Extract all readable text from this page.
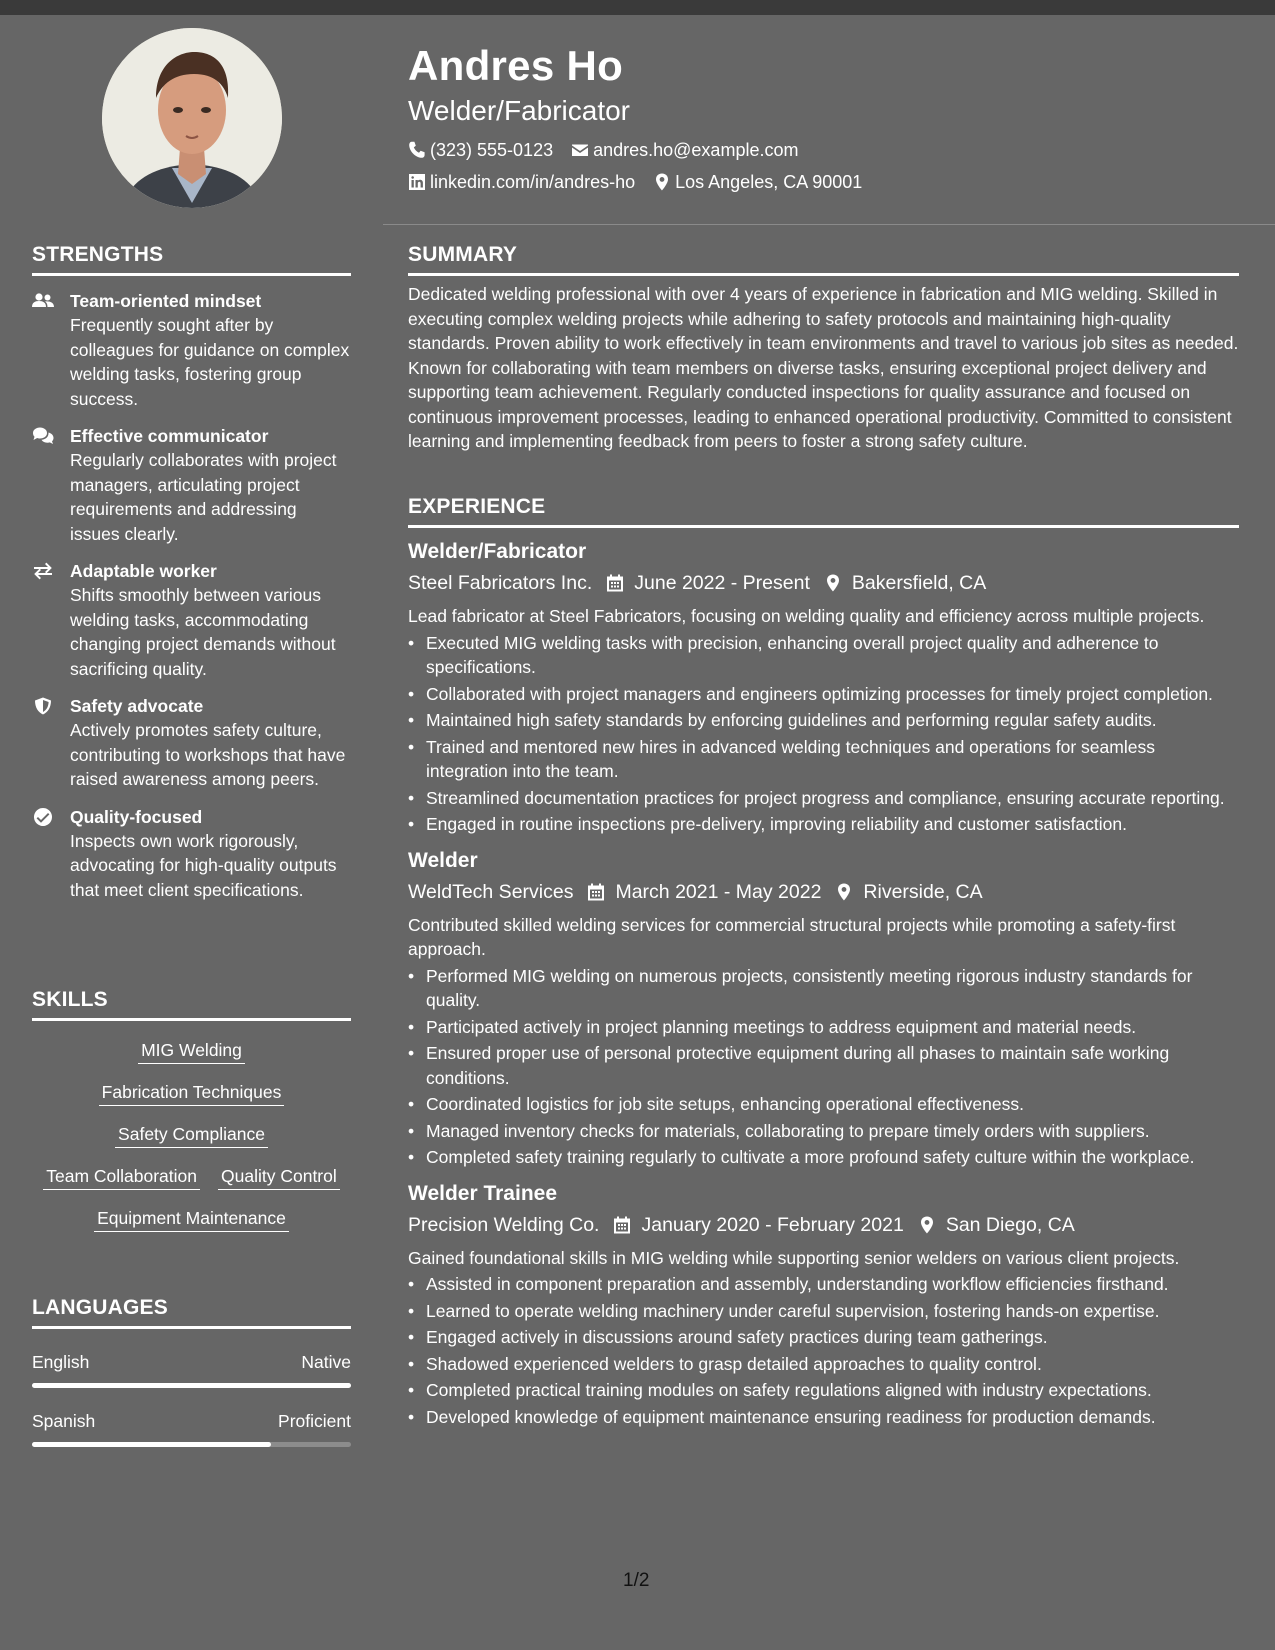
STRENGTHS
Team-oriented mindset
Frequently sought after by colleagues for guidance on complex welding tasks, fostering group success.
Effective communicator
Regularly collaborates with project managers, articulating project requirements and addressing issues clearly.
Adaptable worker
Shifts smoothly between various welding tasks, accommodating changing project demands without sacrificing quality.
Safety advocate
Actively promotes safety culture, contributing to workshops that have raised awareness among peers.
Quality-focused
Inspects own work rigorously, advocating for high-quality outputs that meet client specifications.
SKILLS
MIG Welding
Fabrication Techniques
Safety Compliance
Team Collaboration Quality Control
Equipment Maintenance
LANGUAGES
English	Native
Spanish	Proficient
Andres Ho
Welder/Fabricator
(323) 555-0123 andres.ho@example.com
linkedin.com/in/andres-ho Los Angeles, CA 90001
SUMMARY

Dedicated welding professional with over 4 years of experience in fabrication and MIG welding. Skilled in executing complex welding projects while adhering to safety protocols and maintaining high-quality standards. Proven ability to work effectively in team environments and travel to various job sites as needed. Known for collaborating with team members on diverse tasks, ensuring exceptional project delivery and supporting team achievement. Regularly conducted inspections for quality assurance and focused on continuous improvement processes, leading to enhanced operational productivity. Committed to consistent learning and implementing feedback from peers to foster a strong safety culture.

EXPERIENCE
Welder/Fabricator
Steel Fabricators Inc. June 2022 - Present Bakersfield, CA
Lead fabricator at Steel Fabricators, focusing on welding quality and efficiency across multiple projects.
• Executed MIG welding tasks with precision, enhancing overall project quality and adherence to specifications.
• Collaborated with project managers and engineers optimizing processes for timely project completion.
• Maintained high safety standards by enforcing guidelines and performing regular safety audits.
• Trained and mentored new hires in advanced welding techniques and operations for seamless integration into the team.
• Streamlined documentation practices for project progress and compliance, ensuring accurate reporting.
• Engaged in routine inspections pre-delivery, improving reliability and customer satisfaction.
Welder
WeldTech Services March 2021 - May 2022 Riverside, CA
Contributed skilled welding services for commercial structural projects while promoting a safety-first approach.
• Performed MIG welding on numerous projects, consistently meeting rigorous industry standards for quality.
• Participated actively in project planning meetings to address equipment and material needs.
• Ensured proper use of personal protective equipment during all phases to maintain safe working conditions.
• Coordinated logistics for job site setups, enhancing operational effectiveness.
• Managed inventory checks for materials, collaborating to prepare timely orders with suppliers.
• Completed safety training regularly to cultivate a more profound safety culture within the workplace.
Welder Trainee
Precision Welding Co. January 2020 - February 2021 San Diego, CA
Gained foundational skills in MIG welding while supporting senior welders on various client projects.
• Assisted in component preparation and assembly, understanding workflow efficiencies firsthand.
• Learned to operate welding machinery under careful supervision, fostering hands-on expertise.
• Engaged actively in discussions around safety practices during team gatherings.
• Shadowed experienced welders to grasp detailed approaches to quality control.
• Completed practical training modules on safety regulations aligned with industry expectations.
• Developed knowledge of equipment maintenance ensuring readiness for production demands.
1/2
